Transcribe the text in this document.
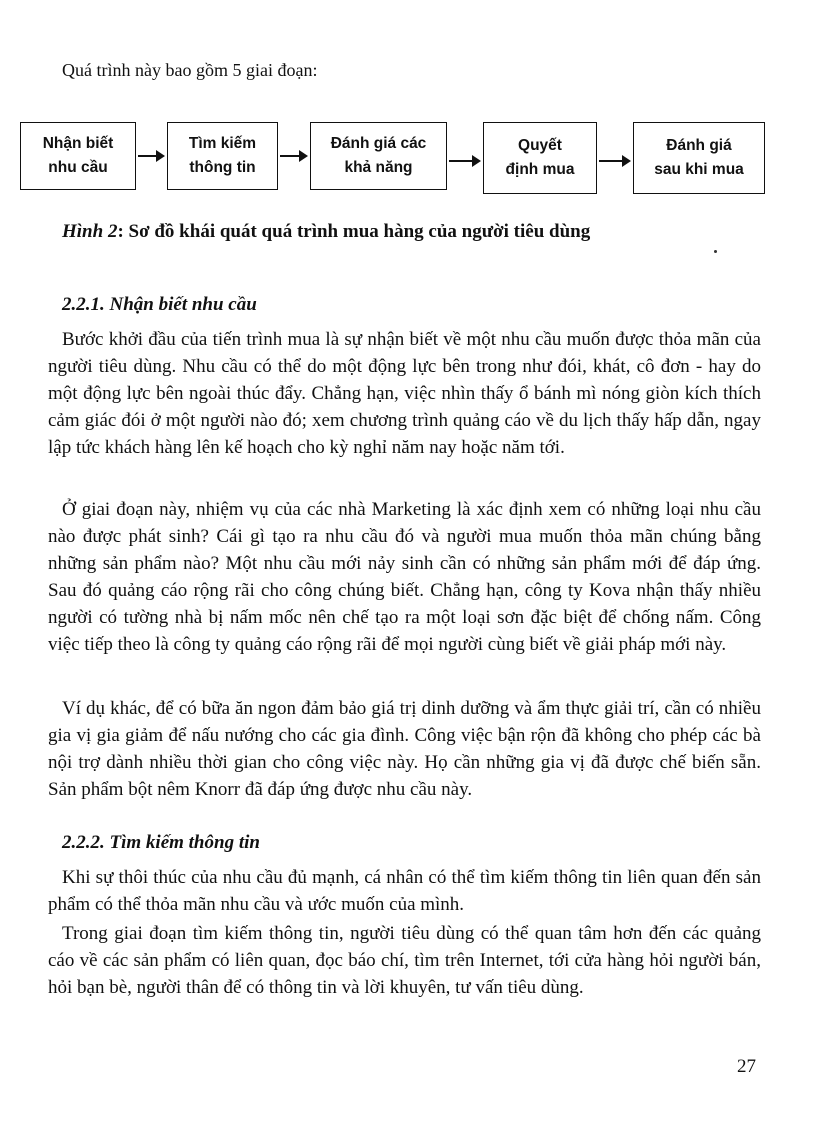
Quá trình này bao gồm 5 giai đoạn:
Nhận biết
nhu cầu
Tìm kiếm
thông tin
Đánh giá các
khả năng
Quyết
định mua
Đánh giá
sau khi mua
Hình 2: Sơ đồ khái quát quá trình mua hàng của người tiêu dùng
2.2.1. Nhận biết nhu cầu

Bước khởi đầu của tiến trình mua là sự nhận biết về một nhu cầu muốn được thỏa mãn của người tiêu dùng. Nhu cầu có thể do một động lực bên trong như đói, khát, cô đơn - hay do một động lực bên ngoài thúc đẩy. Chẳng hạn, việc nhìn thấy ổ bánh mì nóng giòn kích thích cảm giác đói ở một người nào đó; xem chương trình quảng cáo về du lịch thấy hấp dẫn, ngay lập tức khách hàng lên kế hoạch cho kỳ nghỉ năm nay hoặc năm tới.

Ở giai đoạn này, nhiệm vụ của các nhà Marketing là xác định xem có những loại nhu cầu nào được phát sinh? Cái gì tạo ra nhu cầu đó và người mua muốn thỏa mãn chúng bằng những sản phẩm nào? Một nhu cầu mới nảy sinh cần có những sản phẩm mới để đáp ứng. Sau đó quảng cáo rộng rãi cho công chúng biết. Chẳng hạn, công ty Kova nhận thấy nhiều người có tường nhà bị nấm mốc nên chế tạo ra một loại sơn đặc biệt để chống nấm. Công việc tiếp theo là công ty quảng cáo rộng rãi để mọi người cùng biết về giải pháp mới này.

Ví dụ khác, để có bữa ăn ngon đảm bảo giá trị dinh dưỡng và ẩm thực giải trí, cần có nhiều gia vị gia giảm để nấu nướng cho các gia đình. Công việc bận rộn đã không cho phép các bà nội trợ dành nhiều thời gian cho công việc này. Họ cần những gia vị đã được chế biến sẵn. Sản phẩm bột nêm Knorr đã đáp ứng được nhu cầu này.

2.2.2. Tìm kiếm thông tin

Khi sự thôi thúc của nhu cầu đủ mạnh, cá nhân có thể tìm kiếm thông tin liên quan đến sản phẩm có thể thỏa mãn nhu cầu và ước muốn của mình.

Trong giai đoạn tìm kiếm thông tin, người tiêu dùng có thể quan tâm hơn đến các quảng cáo về các sản phẩm có liên quan, đọc báo chí, tìm trên Internet, tới cửa hàng hỏi người bán, hỏi bạn bè, người thân để có thông tin và lời khuyên, tư vấn tiêu dùng.

27
